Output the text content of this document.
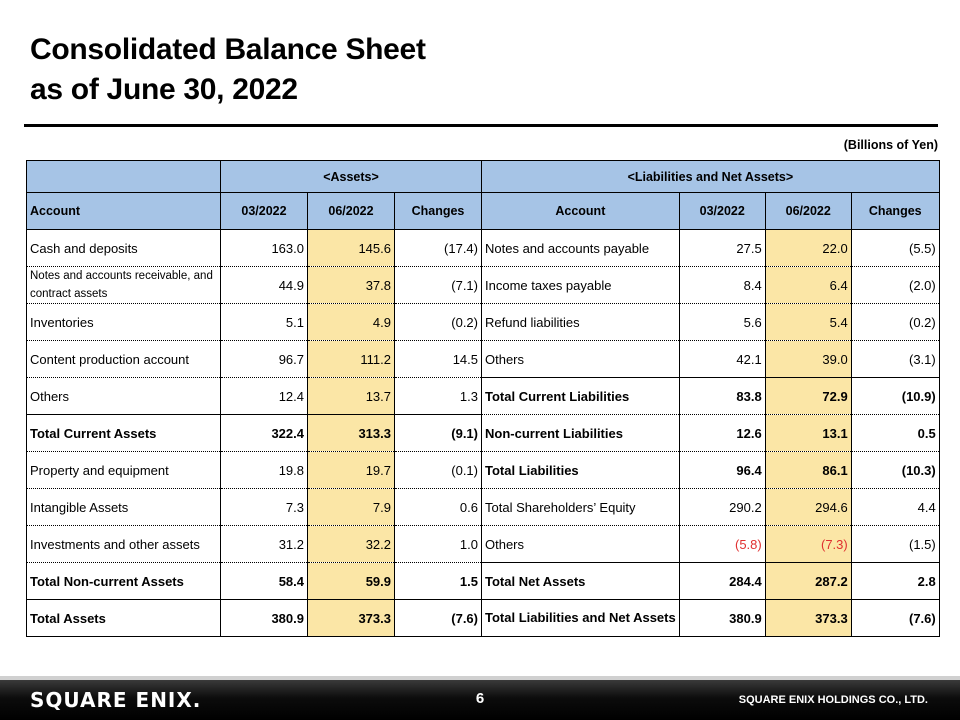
Consolidated Balance Sheet
as of June 30, 2022
(Billions of Yen)
	<Assets>			<Liabilities and Net Assets>			
Account	03/2022	06/2022	Changes	Account	03/2022	06/2022	Changes
Cash and deposits	163.0	145.6	(17.4)	Notes and accounts payable	27.5	22.0	(5.5)
Notes and accounts receivable, and contract assets	44.9	37.8	(7.1)	Income taxes payable	8.4	6.4	(2.0)
Inventories	5.1	4.9	(0.2)	Refund liabilities	5.6	5.4	(0.2)
Content production account	96.7	111.2	14.5	Others	42.1	39.0	(3.1)
Others	12.4	13.7	1.3	Total Current Liabilities	83.8	72.9	(10.9)
Total Current Assets	322.4	313.3	(9.1)	Non-current Liabilities	12.6	13.1	0.5
Property and equipment	19.8	19.7	(0.1)	Total Liabilities	96.4	86.1	(10.3)
Intangible Assets	7.3	7.9	0.6	Total Shareholders’ Equity	290.2	294.6	4.4
Investments and other assets	31.2	32.2	1.0	Others	(5.8)	(7.3)	(1.5)
Total Non-current Assets	58.4	59.9	1.5	Total Net Assets	284.4	287.2	2.8
Total Assets	380.9	373.3	(7.6)	Total Liabilities and Net Assets	380.9	373.3	(7.6)
SQUARE ENIX.	6	SQUARE ENIX HOLDINGS CO., LTD.
